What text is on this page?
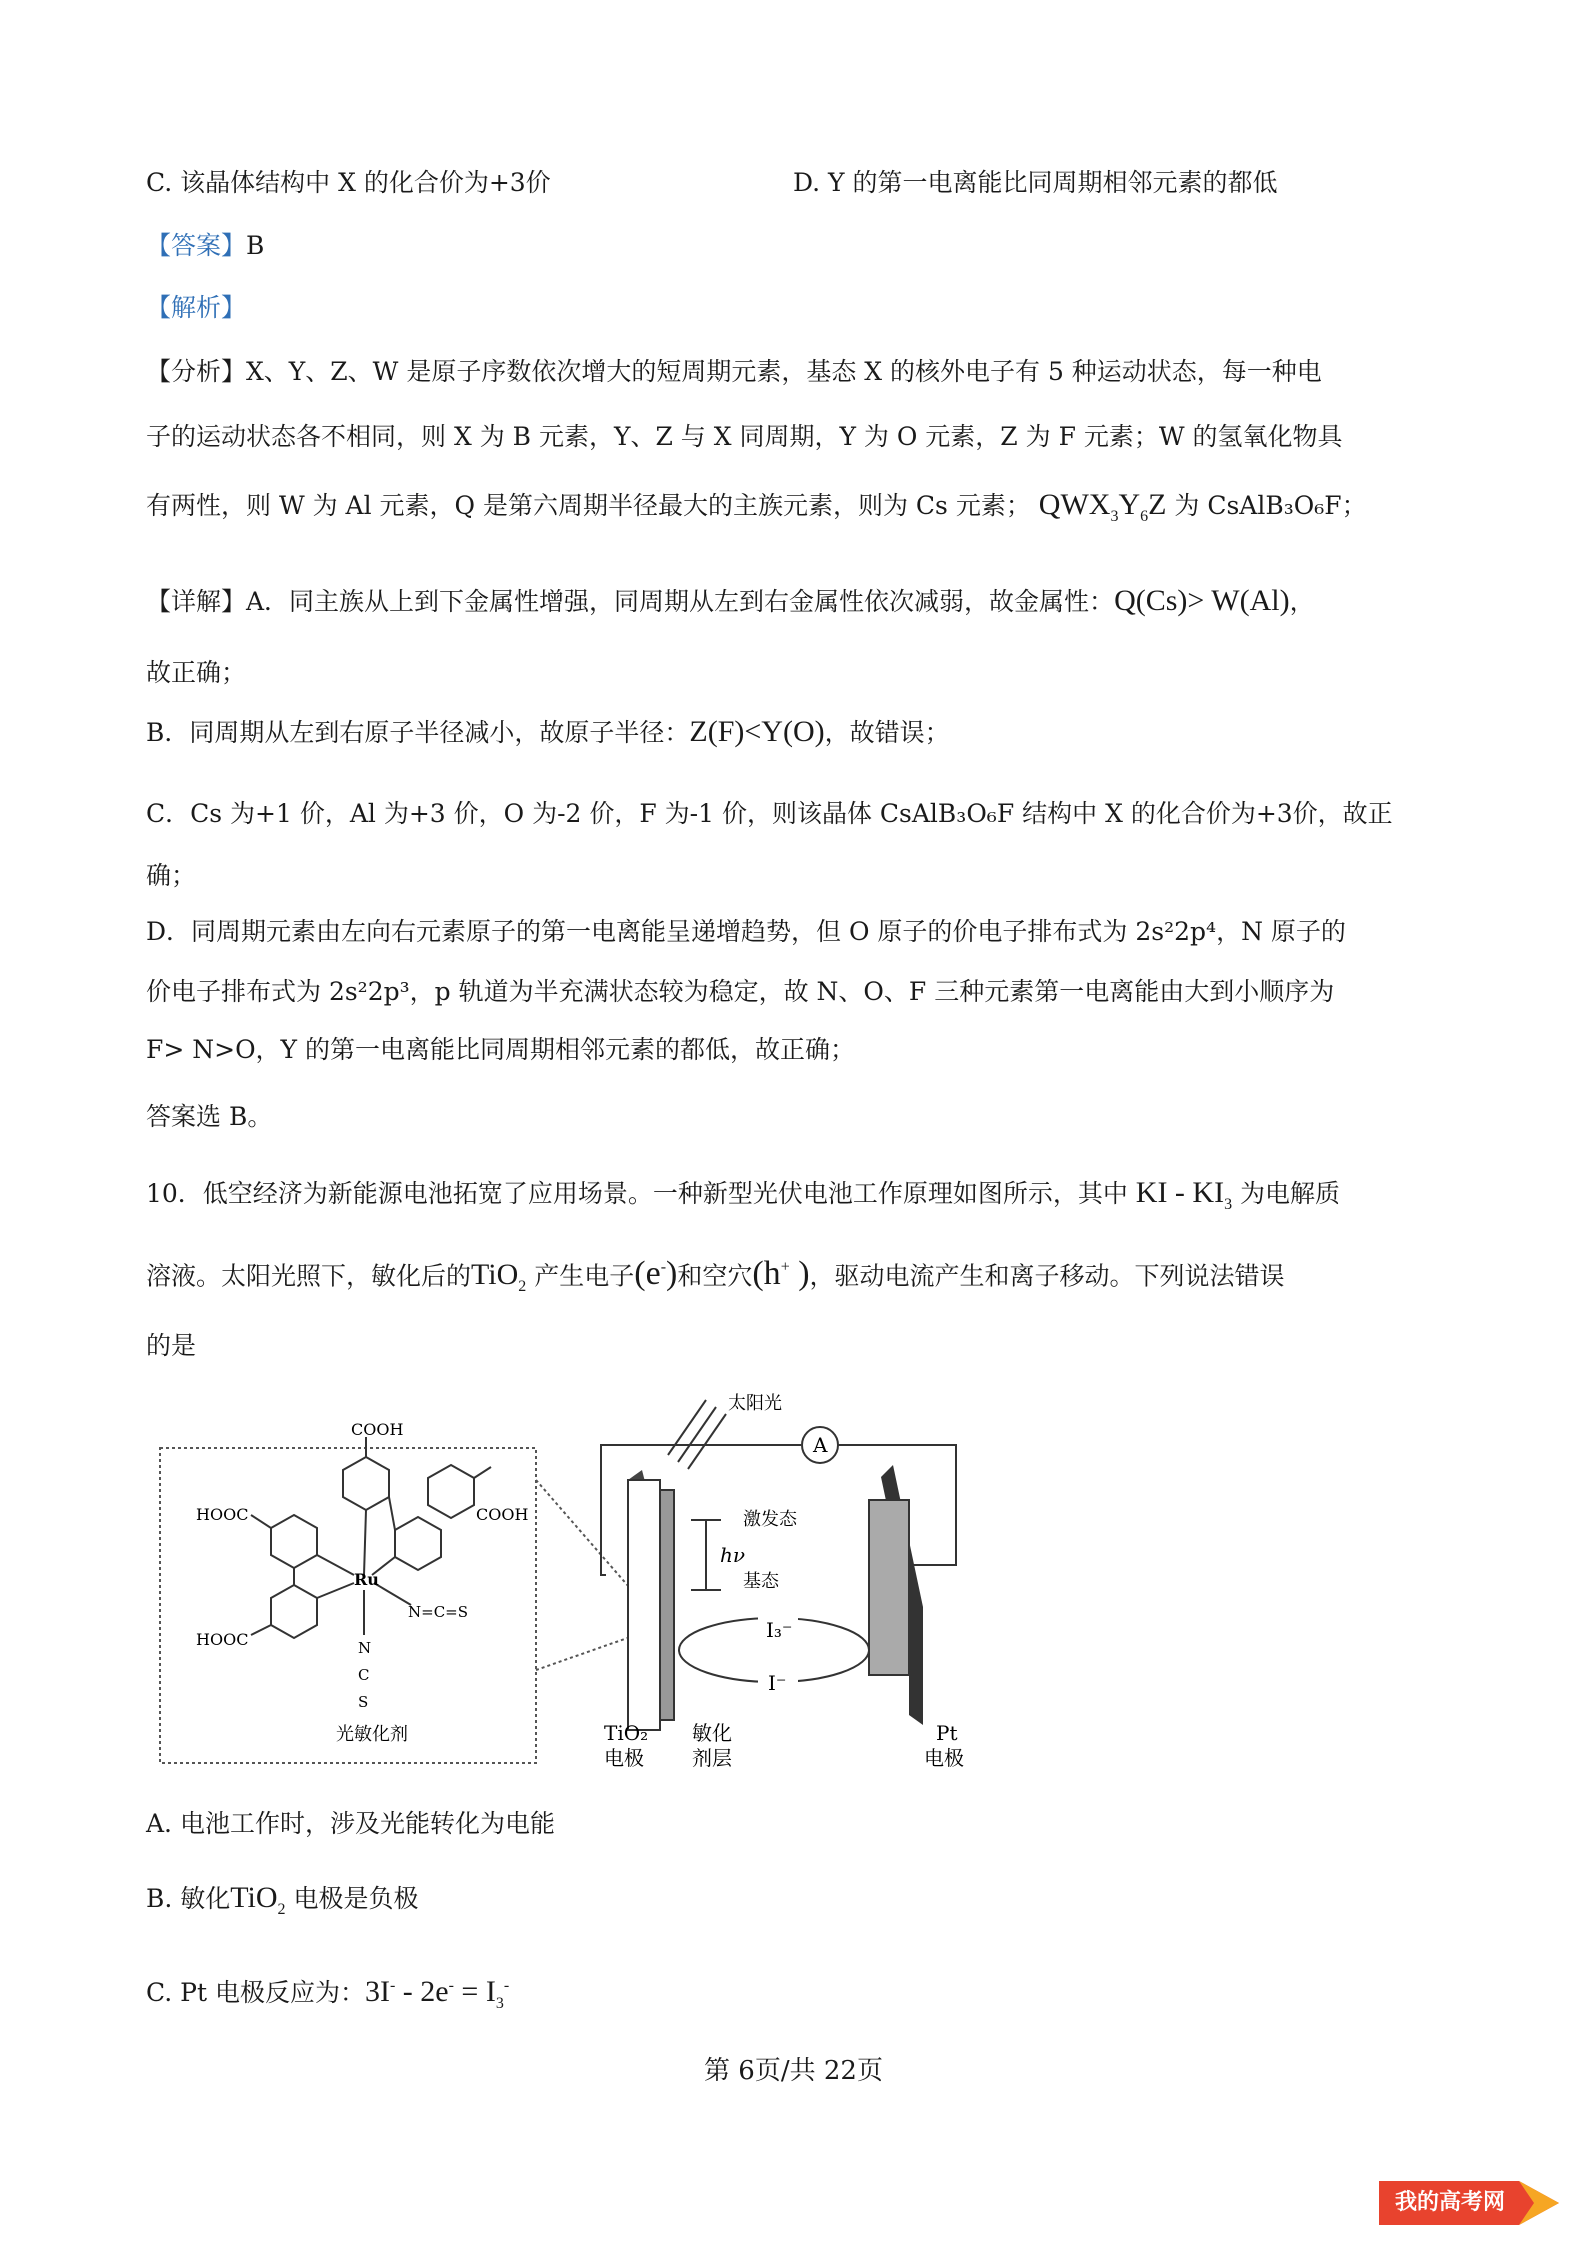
C. 该晶体结构中 X 的化合价为+3价	D. Y 的第一电离能比同周期相邻元素的都低
【答案】B
【解析】
【分析】X、Y、Z、W 是原子序数依次增大的短周期元素，基态 X 的核外电子有 5 种运动状态，每一种电
子的运动状态各不相同，则 X 为 B 元素，Y、Z 与 X 同周期，Y 为 O 元素，Z 为 F 元素；W 的氢氧化物具
有两性，则 W 为 Al 元素，Q 是第六周期半径最大的主族元素，则为 Cs 元素； $QWX_3Y_6Z$ 为 CsAlB₃O₆F；
【详解】A．同主族从上到下金属性增强，同周期从左到右金属性依次减弱，故金属性：Q(Cs)> W(Al)，
故正确；
B．同周期从左到右原子半径减小，故原子半径：Z(F)<Y(O)，故错误；
C．Cs 为+1 价，Al 为+3 价，O 为-2 价，F 为-1 价，则该晶体 CsAlB₃O₆F 结构中 X 的化合价为+3价，故正
确；
D．同周期元素由左向右元素原子的第一电离能呈递增趋势，但 O 原子的价电子排布式为 2s²2p⁴，N 原子的
价电子排布式为 2s²2p³，p 轨道为半充满状态较为稳定，故 N、O、F 三种元素第一电离能由大到小顺序为
F> N>O，Y 的第一电离能比同周期相邻元素的都低，故正确；
答案选 B。
10．低空经济为新能源电池拓宽了应用场景。一种新型光伏电池工作原理如图所示，其中 KI - $KI_3$ 为电解质
溶液。太阳光照下，敏化后的TiO$_2$ 产生电子(e-)和空穴(h+ )，驱动电流产生和离子移动。下列说法错误
的是
COOH
HOOC	COOH
HOOC
Ru
N=C=S
N
C
S
光敏化剂
A
太阳光
激发态
hν
基态
I₃⁻
I⁻
TiO₂
电极
敏化
剂层
Pt
电极
A. 电池工作时，涉及光能转化为电能
B. 敏化TiO$_2$ 电极是负极
C. Pt 电极反应为：$3I^- - 2e^- = I_3^-$
第 6页/共 22页
我的高考网
